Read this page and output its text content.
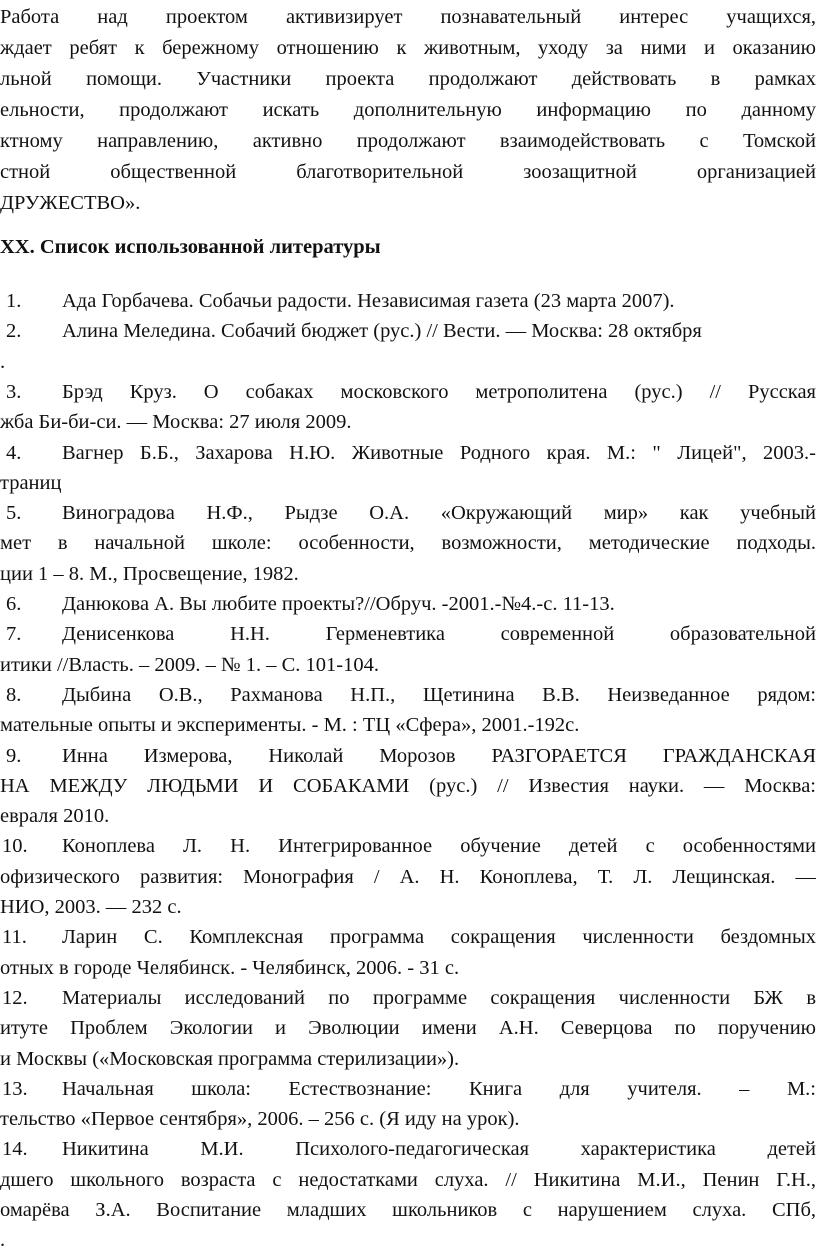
Работа над проектом активизирует познавательный интерес учащихся,
ждает ребят к бережному отношению к животным, уходу за ними и оказанию
льной помощи. Участники проекта продолжают действовать в рамках
ельности, продолжают искать дополнительную информацию по данному
ктному направлению, активно продолжают взаимодействовать с Томской
стной общественной благотворительной зоозащитной организацией
ДРУЖЕСТВО».
XX. Список использованной литературы
1. Ада Горбачева. Собачьи радости. Независимая газета (23 марта 2007).
2. Алина Меледина. Собачий бюджет (рус.) // Вести. — Москва: 28 октября
.
3. Брэд Круз. О собаках московского метрополитена (рус.) // Русская
жба Би-би-си. — Москва: 27 июля 2009.
4. Вагнер Б.Б., Захарова Н.Ю. Животные Родного края. М.: " Лицей", 2003.-
траниц
5. Виноградова Н.Ф., Рыдзе О.А. «Окружающий мир» как учебный
мет в начальной школе: особенности, возможности, методические подходы.
ции 1 – 8. М., Просвещение, 1982.
6. Данюкова А. Вы любите проекты?//Обруч. -2001.-№4.-с. 11-13.
7. Денисенкова Н.Н. Герменевтика современной образовательной
итики //Власть. – 2009. – № 1. – С. 101-104.
8. Дыбина О.В., Рахманова Н.П., Щетинина В.В. Неизведанное рядом:
мательные опыты и эксперименты. - М. : ТЦ «Сфера», 2001.-192с.
9. Инна Измерова, Николай Морозов РАЗГОРАЕТСЯ ГРАЖДАНСКАЯ
НА МЕЖДУ ЛЮДЬМИ И СОБАКАМИ (рус.) // Известия науки. — Москва:
евраля 2010.
10. Коноплева Л. Н. Интегрированное обучение детей с особенностями
офизического развития: Монография / А. Н. Коноплева, Т. Л. Лещинская. —
НИО, 2003. — 232 с.
11. Ларин С. Комплексная программа сокращения численности бездомных
отных в городе Челябинск. - Челябинск, 2006. - 31 с.
12. Материалы исследований по программе сокращения численности БЖ в
итуте Проблем Экологии и Эволюции имени А.Н. Северцова по поручению
и Москвы («Московская программа стерилизации»).
13. Начальная школа: Естествознание: Книга для учителя. – М.:
тельство «Первое сентября», 2006. – 256 с. (Я иду на урок).
14. Никитина М.И. Психолого-педагогическая характеристика детей
дшего школьного возраста с недостатками слуха. // Никитина М.И., Пенин Г.Н.,
омарёва З.А. Воспитание младших школьников с нарушением слуха. СПб,
.
